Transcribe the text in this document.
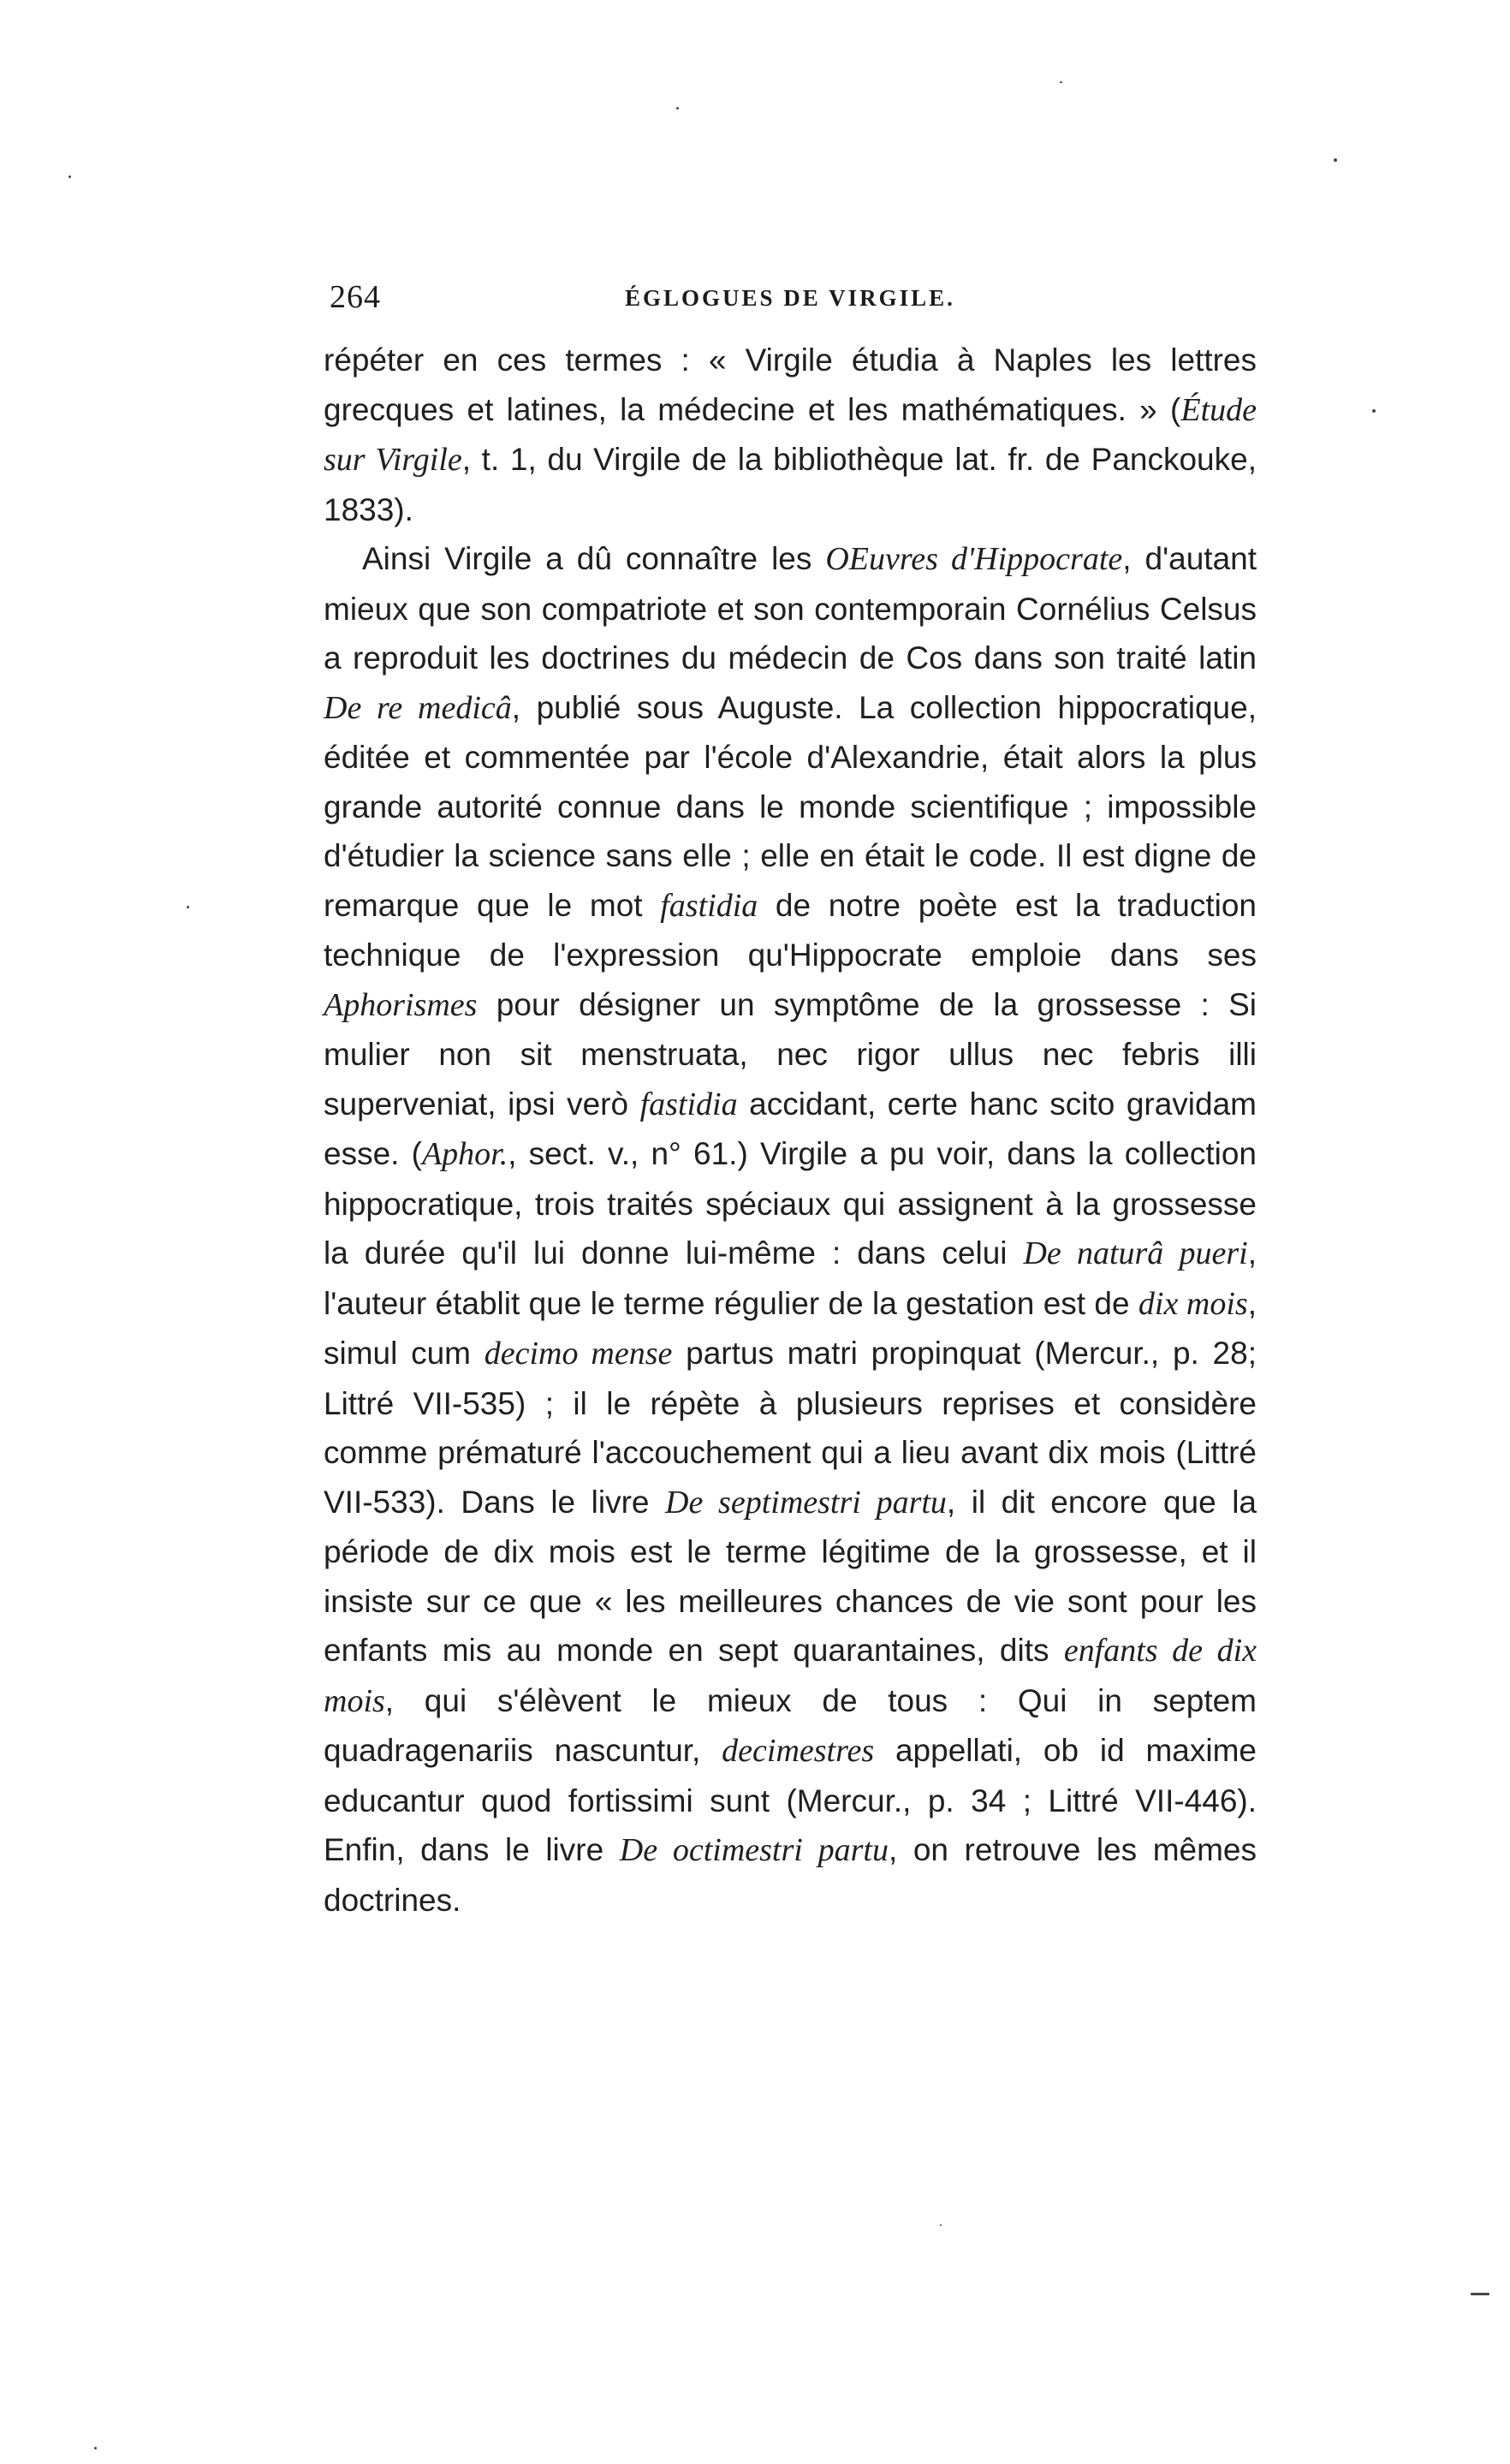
264	ÉGLOGUES DE VIRGILE.

répéter en ces termes : « Virgile étudia à Naples les lettres grecques et latines, la médecine et les mathématiques. » (Étude sur Virgile, t. 1, du Virgile de la bibliothèque lat. fr. de Panckouke, 1833).

Ainsi Virgile a dû connaître les OEuvres d'Hippocrate, d'autant mieux que son compatriote et son contemporain Cornélius Celsus a reproduit les doctrines du médecin de Cos dans son traité latin De re medicâ, publié sous Auguste. La collection hippocratique, éditée et commentée par l'école d'Alexandrie, était alors la plus grande autorité connue dans le monde scientifique ; impossible d'étudier la science sans elle ; elle en était le code. Il est digne de remarque que le mot fastidia de notre poète est la traduction technique de l'expression qu'Hippocrate emploie dans ses Aphorismes pour désigner un symptôme de la grossesse : Si mulier non sit menstruata, nec rigor ullus nec febris illi superveniat, ipsi verò fastidia accidant, certe hanc scito gravidam esse. (Aphor., sect. v., n° 61.) Virgile a pu voir, dans la collection hippocratique, trois traités spéciaux qui assignent à la grossesse la durée qu'il lui donne lui-même : dans celui De naturâ pueri, l'auteur établit que le terme régulier de la gestation est de dix mois, simul cum decimo mense partus matri propinquat (Mercur., p. 28; Littré VII-535) ; il le répète à plusieurs reprises et considère comme prématuré l'accouchement qui a lieu avant dix mois (Littré VII-533). Dans le livre De septimestri partu, il dit encore que la période de dix mois est le terme légitime de la grossesse, et il insiste sur ce que « les meilleures chances de vie sont pour les enfants mis au monde en sept quarantaines, dits enfants de dix mois, qui s'élèvent le mieux de tous : Qui in septem quadragenariis nascuntur, decimestres appellati, ob id maxime educantur quod fortissimi sunt (Mercur., p. 34 ; Littré VII-446). Enfin, dans le livre De octimestri partu, on retrouve les mêmes doctrines.
